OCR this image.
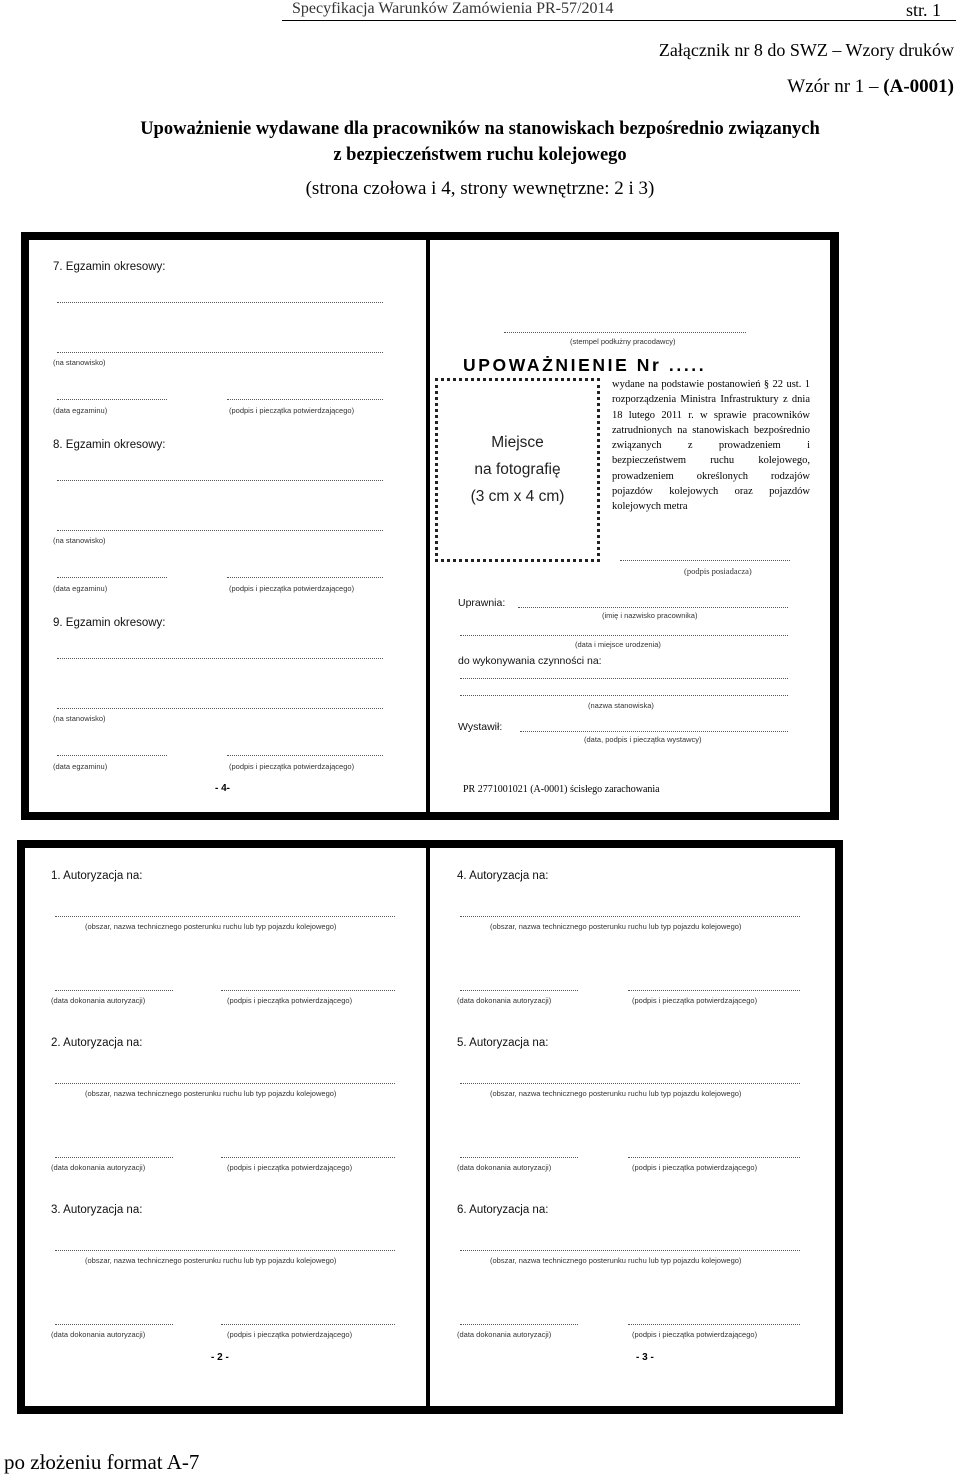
Specyfikacja Warunków Zamówienia PR-57/2014	str. 1
Załącznik nr 8 do SWZ – Wzory druków
Wzór nr 1 – (A-0001)
Upoważnienie wydawane dla pracowników na stanowiskach bezpośrednio związanych
z bezpieczeństwem ruchu kolejowego
(strona czołowa i 4, strony wewnętrzne: 2 i 3)
7. Egzamin okresowy:
(na stanowisko)
(data egzaminu)	(podpis i pieczątka potwierdzającego)
8. Egzamin okresowy:
(na stanowisko)
(data egzaminu)	(podpis i pieczątka potwierdzającego)
9. Egzamin okresowy:
(na stanowisko)
(data egzaminu)	(podpis i pieczątka potwierdzającego)
- 4-
(stempel podłużny pracodawcy)
UPOWAŻNIENIE Nr .....
Miejsce
na fotografię
(3 cm x 4 cm)
wydane na podstawie postanowień § 22 ust. 1 rozporządzenia Ministra Infrastruktury z dnia 18 lutego 2011 r. w sprawie pracowników zatrudnionych na stanowiskach bezpośrednio związanych z prowadzeniem i bezpieczeństwem ruchu kolejowego, prowadzeniem określonych rodzajów pojazdów kolejowych oraz pojazdów kolejowych metra
(podpis posiadacza)
Uprawnia:
(imię i nazwisko pracownika)
(data i miejsce urodzenia)
do wykonywania czynności na:
(nazwa stanowiska)
Wystawił:
(data, podpis i pieczątka wystawcy)
PR 2771001021 (A-0001) ścisłego zarachowania
1. Autoryzacja na:
(obszar, nazwa technicznego posterunku ruchu lub typ pojazdu kolejowego)
(data dokonania autoryzacji)	(podpis i pieczątka potwierdzającego)
2. Autoryzacja na:
(obszar, nazwa technicznego posterunku ruchu lub typ pojazdu kolejowego)
(data dokonania autoryzacji)	(podpis i pieczątka potwierdzającego)
3. Autoryzacja na:
(obszar, nazwa technicznego posterunku ruchu lub typ pojazdu kolejowego)
(data dokonania autoryzacji)	(podpis i pieczątka potwierdzającego)
- 2 -
4. Autoryzacja na:
(obszar, nazwa technicznego posterunku ruchu lub typ pojazdu kolejowego)
(data dokonania autoryzacji)	(podpis i pieczątka potwierdzającego)
5. Autoryzacja na:
(obszar, nazwa technicznego posterunku ruchu lub typ pojazdu kolejowego)
(data dokonania autoryzacji)	(podpis i pieczątka potwierdzającego)
6. Autoryzacja na:
(obszar, nazwa technicznego posterunku ruchu lub typ pojazdu kolejowego)
(data dokonania autoryzacji)	(podpis i pieczątka potwierdzającego)
- 3 -
po złożeniu format A-7
